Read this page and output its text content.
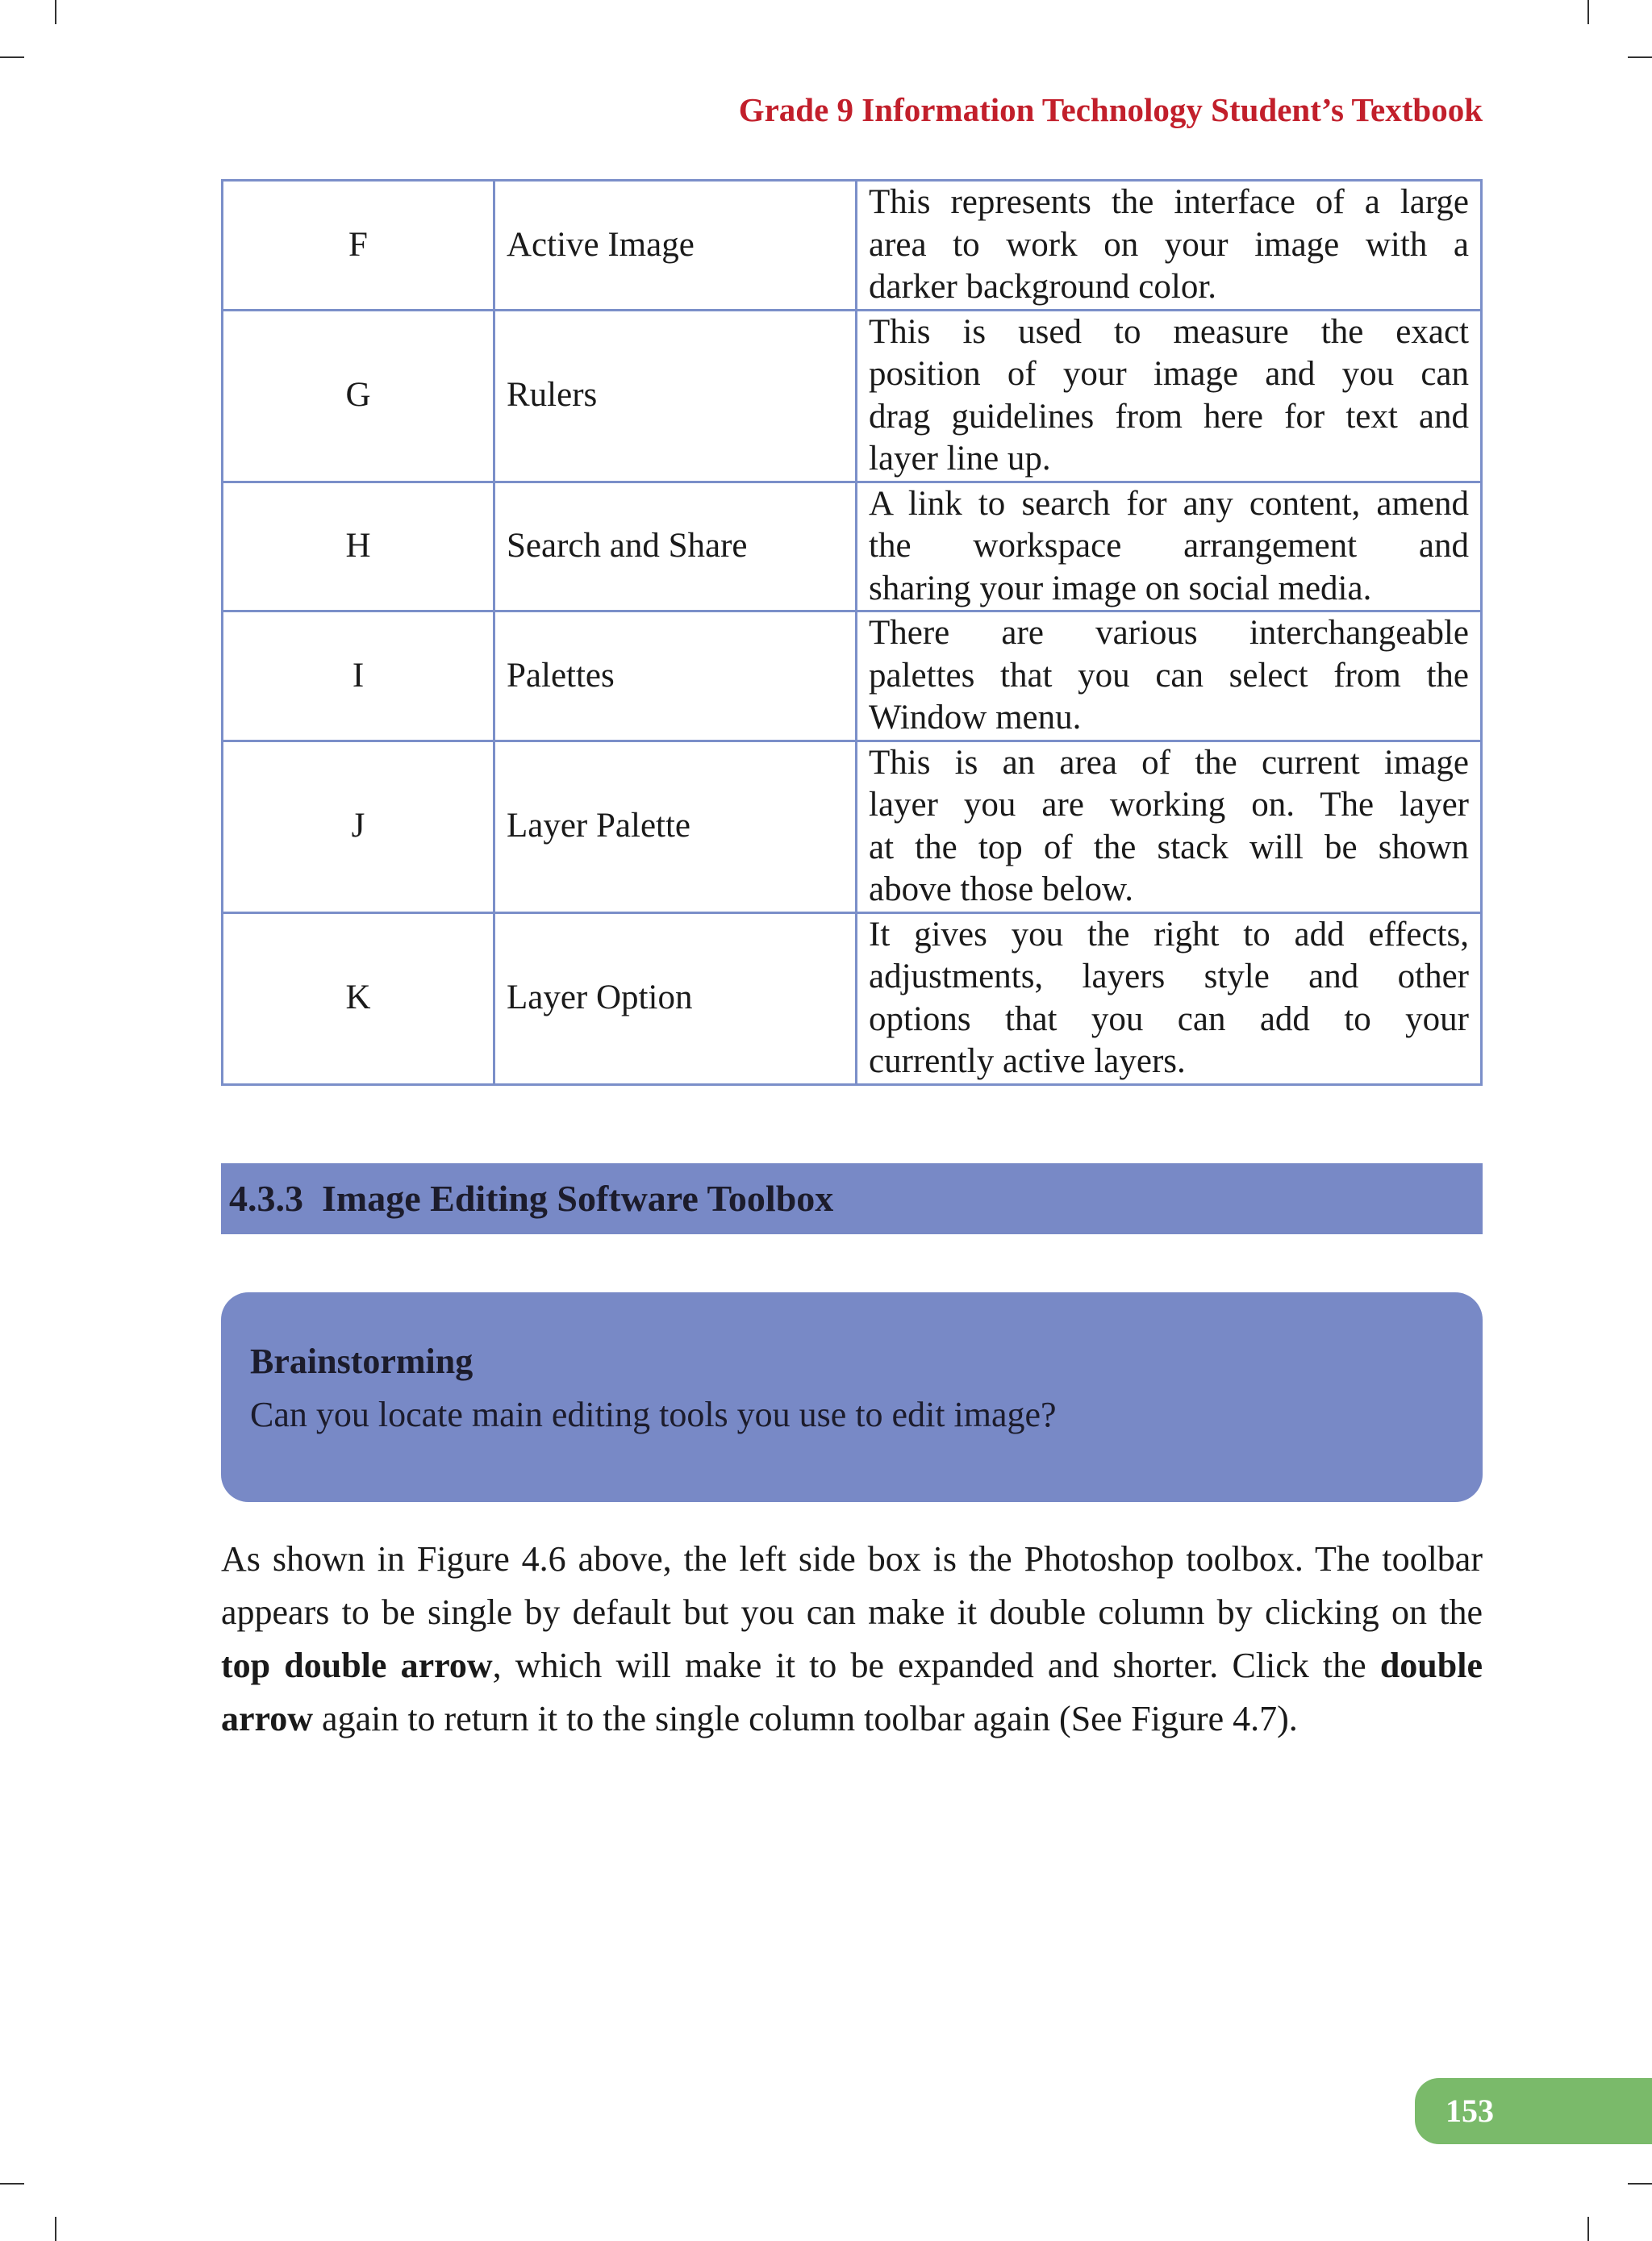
Grade 9 Information Technology Student’s Textbook
F	Active Image	This represents the interface of a large
area to work on your image with a
darker background color.

G	Rulers	This is used to measure the exact
position of your image and you can
drag guidelines from here for text and
layer line up.

H	Search and Share	A link to search for any content, amend
the workspace arrangement and
sharing your image on social media.

I	Palettes	There are various interchangeable
palettes that you can select from the
Window menu.

J	Layer Palette	This is an area of the current image
layer you are working on. The layer
at the top of the stack will be shown
above those below.

K	Layer Option	It gives you the right to add effects,
adjustments, layers style and other
options that you can add to your
currently active layers.
4.3.3 Image Editing Software Toolbox
Brainstorming
Can you locate main editing tools you use to edit image?
As shown in Figure 4.6 above, the left side box is the Photoshop toolbox. The toolbar appears to be single by default but you can make it double column by clicking on the top double arrow, which will make it to be expanded and shorter. Click the double arrow again to return it to the single column toolbar again (See Figure 4.7).
153
